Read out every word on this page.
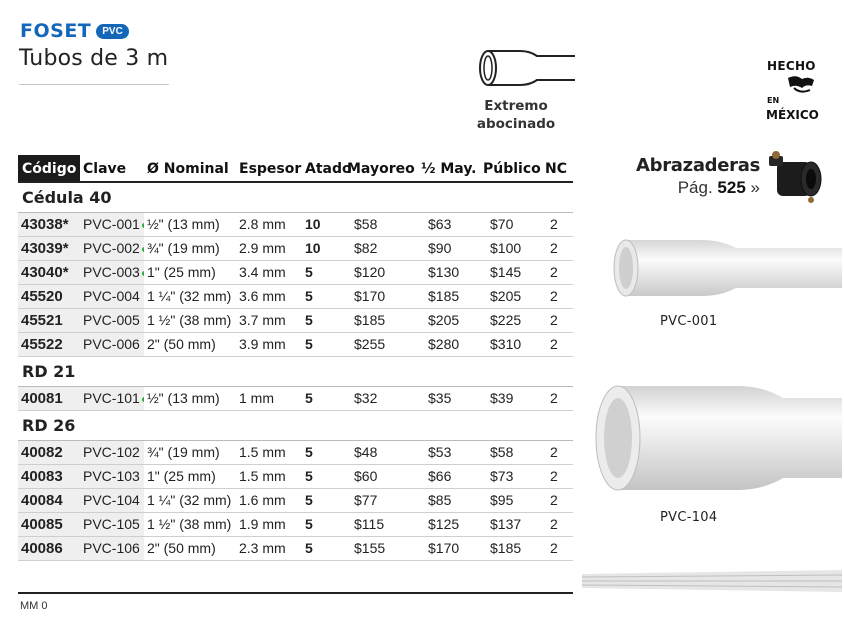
FOSET	PVC
Tubos de 3 m
Extremo
abocinado
HECHO
EN
MÉXICO
Abrazaderas
Pág. 525 »
PVC-001
PVC-104
Código	Clave	Ø Nominal	Espesor	Atado	Mayoreo	½ May.	Público	NC
Cédula 40								
43038*	PVC-001	½" (13 mm)	2.8 mm	10	$58	$63	$70	2
43039*	PVC-002	¾" (19 mm)	2.9 mm	10	$82	$90	$100	2
43040*	PVC-003	1" (25 mm)	3.4 mm	5	$120	$130	$145	2
45520	PVC-004	1 ¼" (32 mm)	3.6 mm	5	$170	$185	$205	2
45521	PVC-005	1 ½" (38 mm)	3.7 mm	5	$185	$205	$225	2
45522	PVC-006	2" (50 mm)	3.9 mm	5	$255	$280	$310	2
RD 21								
40081	PVC-101	½" (13 mm)	1 mm	5	$32	$35	$39	2
RD 26								
40082	PVC-102	¾" (19 mm)	1.5 mm	5	$48	$53	$58	2
40083	PVC-103	1" (25 mm)	1.5 mm	5	$60	$66	$73	2
40084	PVC-104	1 ¼" (32 mm)	1.6 mm	5	$77	$85	$95	2
40085	PVC-105	1 ½" (38 mm)	1.9 mm	5	$115	$125	$137	2
40086	PVC-106	2" (50 mm)	2.3 mm	5	$155	$170	$185	2
MM 0
